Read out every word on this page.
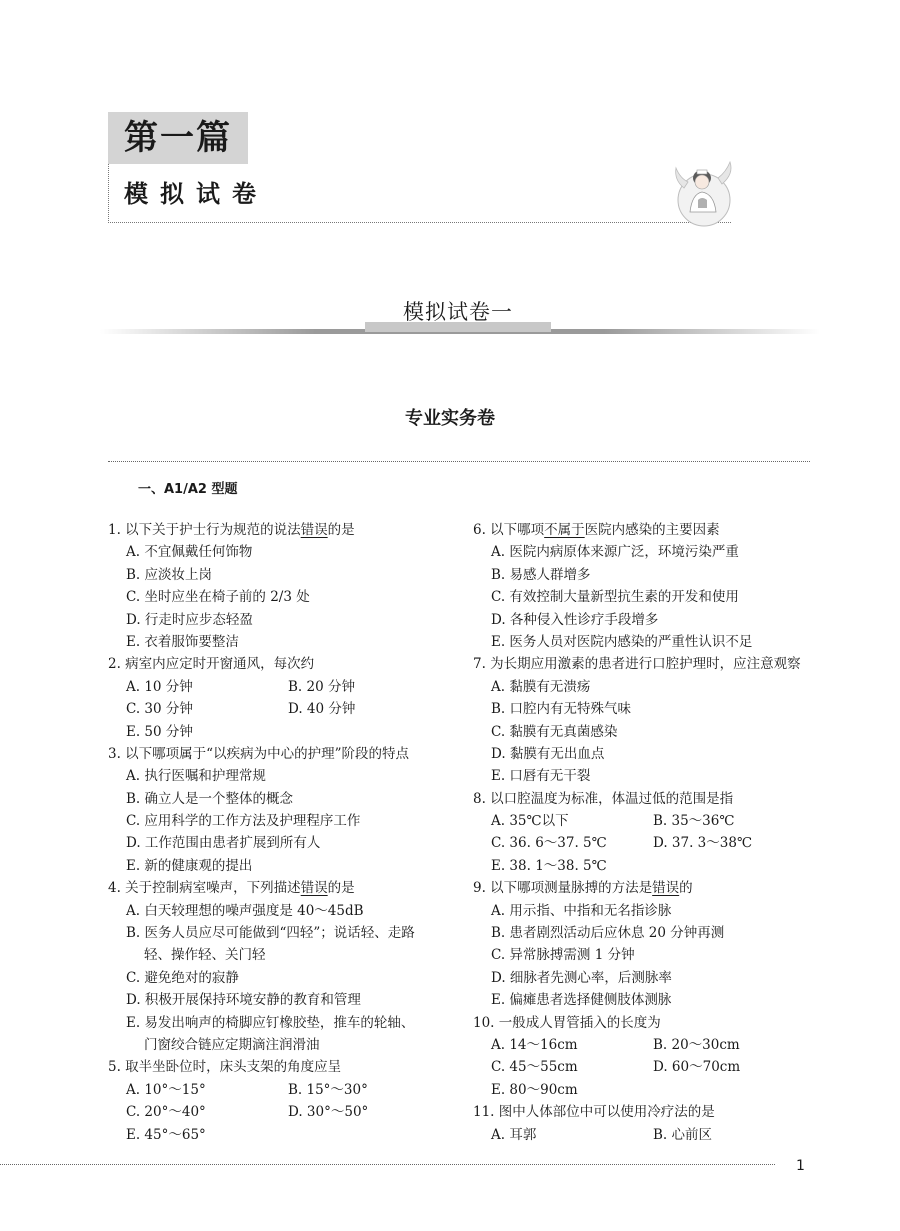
第一篇
模拟试卷
模拟试卷一
专业实务卷
一、A1/A2 型题
1. 以下关于护士行为规范的说法错误的是
A. 不宜佩戴任何饰物
B. 应淡妆上岗
C. 坐时应坐在椅子前的 2/3 处
D. 行走时应步态轻盈
E. 衣着服饰要整洁
2. 病室内应定时开窗通风，每次约
A. 10 分钟	B. 20 分钟
C. 30 分钟	D. 40 分钟
E. 50 分钟
3. 以下哪项属于“以疾病为中心的护理”阶段的特点
A. 执行医嘱和护理常规
B. 确立人是一个整体的概念
C. 应用科学的工作方法及护理程序工作
D. 工作范围由患者扩展到所有人
E. 新的健康观的提出
4. 关于控制病室噪声，下列描述错误的是
A. 白天较理想的噪声强度是 40～45dB
B. 医务人员应尽可能做到“四轻”；说话轻、走路
轻、操作轻、关门轻
C. 避免绝对的寂静
D. 积极开展保持环境安静的教育和管理
E. 易发出响声的椅脚应钉橡胶垫，推车的轮轴、
门窗绞合链应定期滴注润滑油
5. 取半坐卧位时，床头支架的角度应呈
A. 10°～15°	B. 15°～30°
C. 20°～40°	D. 30°～50°
E. 45°～65°
6. 以下哪项不属于医院内感染的主要因素
A. 医院内病原体来源广泛，环境污染严重
B. 易感人群增多
C. 有效控制大量新型抗生素的开发和使用
D. 各种侵入性诊疗手段增多
E. 医务人员对医院内感染的严重性认识不足
7. 为长期应用激素的患者进行口腔护理时，应注意观察
A. 黏膜有无溃疡
B. 口腔内有无特殊气味
C. 黏膜有无真菌感染
D. 黏膜有无出血点
E. 口唇有无干裂
8. 以口腔温度为标准，体温过低的范围是指
A. 35℃以下	B. 35～36℃
C. 36. 6～37. 5℃	D. 37. 3～38℃
E. 38. 1～38. 5℃
9. 以下哪项测量脉搏的方法是错误的
A. 用示指、中指和无名指诊脉
B. 患者剧烈活动后应休息 20 分钟再测
C. 异常脉搏需测 1 分钟
D. 细脉者先测心率，后测脉率
E. 偏瘫患者选择健侧肢体测脉
10. 一般成人胃管插入的长度为
A. 14～16cm	B. 20～30cm
C. 45～55cm	D. 60～70cm
E. 80～90cm
11. 图中人体部位中可以使用冷疗法的是
A. 耳郭	B. 心前区
1
